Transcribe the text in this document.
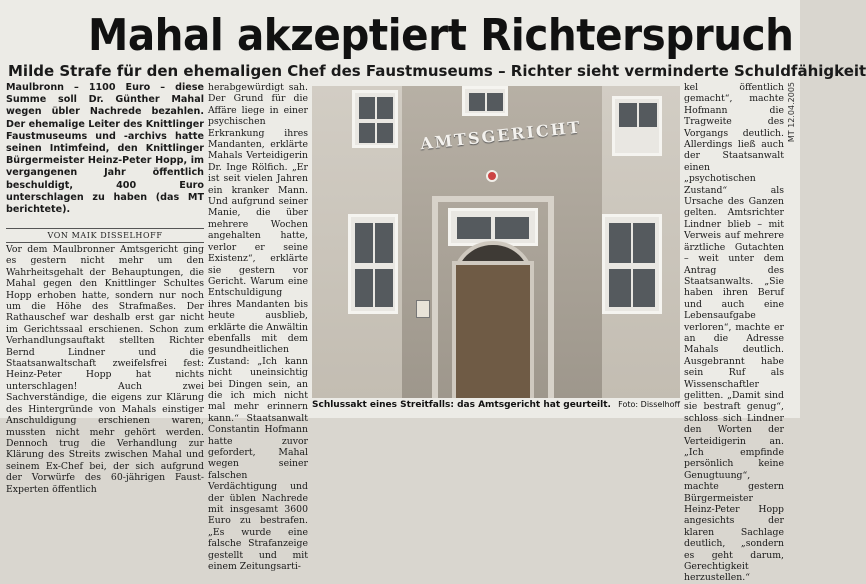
Mahal akzeptiert Richterspruch
Milde Strafe für den ehemaligen Chef des Faustmuseums – Richter sieht verminderte Schuldfähigkeit
MT 12.04.2005

Maulbronn – 1100 Euro – diese Summe soll Dr. Günther Mahal wegen übler Nachrede bezahlen. Der ehemalige Leiter des Knittlinger Faustmuseums und -archivs hatte seinen Intimfeind, den Knittlinger Bürgermeister Heinz-Peter Hopp, im vergangenen Jahr öffentlich beschuldigt, 400 Euro unterschlagen zu haben (das MT berichtete).

VON MAIK DISSELHOFF

Vor dem Maulbronner Amtsgericht ging es gestern nicht mehr um den Wahrheitsgehalt der Behauptungen, die Mahal gegen den Knittlinger Schultes Hopp erhoben hatte, sondern nur noch um die Höhe des Strafmaßes. Der Rathauschef war deshalb erst gar nicht im Gerichtssaal erschienen. Schon zum Verhandlungsauftakt stellten Richter Bernd Lindner und die Staatsanwaltschaft zweifelsfrei fest: Heinz-Peter Hopp hat nichts unterschlagen! Auch zwei Sachverständige, die eigens zur Klärung des Hintergründe von Mahals einstiger Anschuldigung erschienen waren, mussten nicht mehr gehört werden. Dennoch trug die Verhandlung zur Klärung des Streits zwischen Mahal und seinem Ex-Chef bei, der sich aufgrund der Vorwürfe des 60-jährigen Faust-Experten öffentlich

herabgewürdigt sah. Der Grund für die Affäre liege in einer psychischen Erkrankung ihres Mandanten, erklärte Mahals Verteidigerin Dr. Inge Rölfich. „Er ist seit vielen Jahren ein kranker Mann. Und aufgrund seiner Manie, die über mehrere Wochen angehalten hatte, verlor er seine Existenz“, erklärte sie gestern vor Gericht. Warum eine Entschuldigung ihres Mandanten bis heute ausblieb, erklärte die Anwältin ebenfalls mit dem gesundheitlichen Zustand: „Ich kann nicht uneinsichtig bei Dingen sein, an die ich mich nicht mal mehr erinnern kann.“ Staatsanwalt Constantin Hofmann hatte zuvor gefordert, Mahal wegen seiner falschen Verdächtigung und der üblen Nachrede mit insgesamt 3600 Euro zu bestrafen. „Es wurde eine falsche Strafanzeige gestellt und mit einem Zeitungsarti-

AMTSGERICHT
Schlussakt eines Streitfalls: das Amtsgericht hat geurteilt. Foto: Disselhoff

kel öffentlich gemacht“, machte Hofmann die Tragweite des Vorgangs deutlich. Allerdings ließ auch der Staatsanwalt einen „psychotischen Zustand“ als Ursache des Ganzen gelten. Amtsrichter Lindner blieb – mit Verweis auf mehrere ärztliche Gutachten – weit unter dem Antrag des Staatsanwalts. „Sie haben ihren Beruf und auch eine Lebensaufgabe verloren“, machte er an die Adresse Mahals deutlich. Ausgebrannt habe sein Ruf als Wissenschaftler gelitten. „Damit sind sie bestraft genug“, schloss sich Lindner den Worten der Verteidigerin an. „Ich empfinde persönlich keine Genugtuung“, machte gestern Bürgermeister Heinz-Peter Hopp angesichts der klaren Sachlage deutlich, „sondern es geht darum, Gerechtigkeit herzustellen.“
